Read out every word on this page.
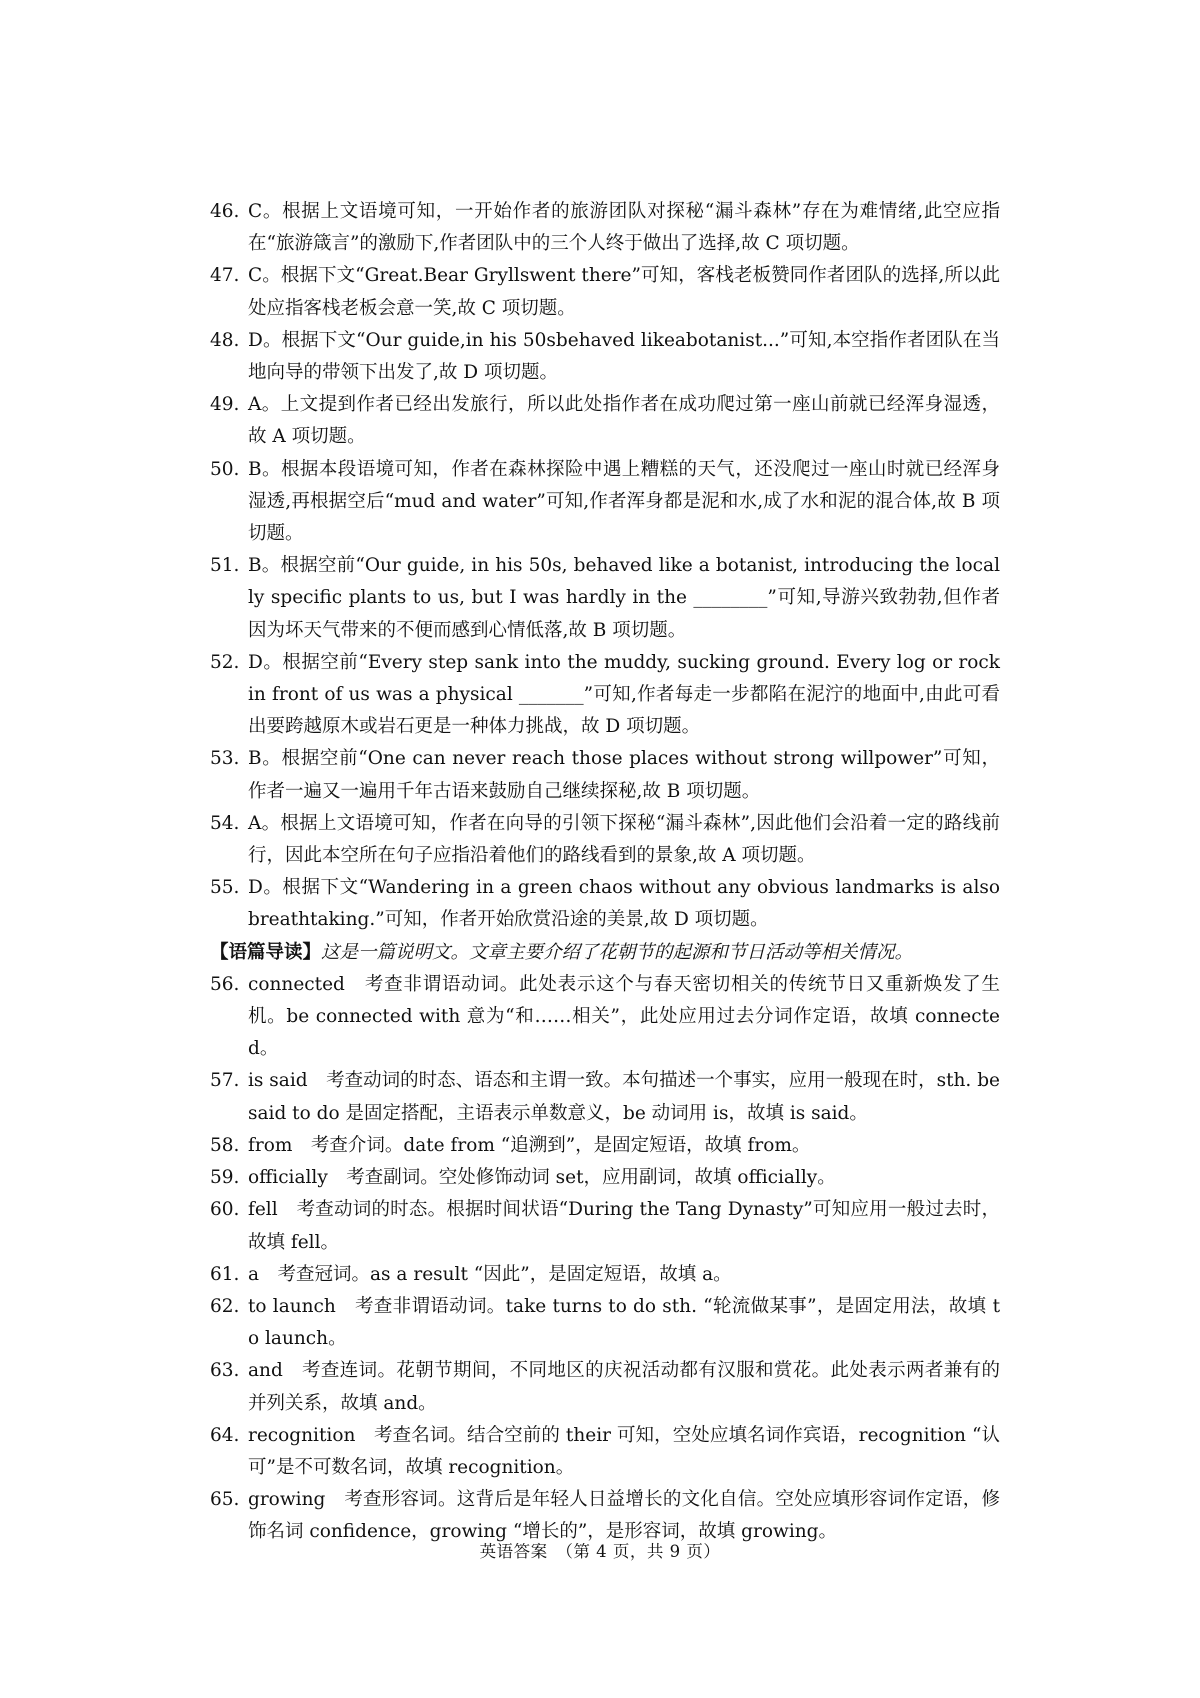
46. C。根据上文语境可知，一开始作者的旅游团队对探秘“漏斗森林”存在为难情绪,此空应指在“旅游箴言”的激励下,作者团队中的三个人终于做出了选择,故 C 项切题。
47. C。根据下文“Great.Bear Gryllswent there”可知，客栈老板赞同作者团队的选择,所以此处应指客栈老板会意一笑,故 C 项切题。
48. D。根据下文“Our guide,in his 50sbehaved likeabotanist...”可知,本空指作者团队在当地向导的带领下出发了,故 D 项切题。
49. A。上文提到作者已经出发旅行，所以此处指作者在成功爬过第一座山前就已经浑身湿透，故 A 项切题。
50. B。根据本段语境可知，作者在森林探险中遇上糟糕的天气，还没爬过一座山时就已经浑身湿透,再根据空后“mud and water”可知,作者浑身都是泥和水,成了水和泥的混合体,故 B 项切题。
51. B。根据空前“Our guide, in his 50s, behaved like a botanist, introducing the locally specific plants to us, but I was hardly in the ________”可知,导游兴致勃勃,但作者因为坏天气带来的不便而感到心情低落,故 B 项切题。
52. D。根据空前“Every step sank into the muddy, sucking ground. Every log or rock in front of us was a physical _______”可知,作者每走一步都陷在泥泞的地面中,由此可看出要跨越原木或岩石更是一种体力挑战，故 D 项切题。
53. B。根据空前“One can never reach those places without strong willpower”可知，作者一遍又一遍用千年古语来鼓励自己继续探秘,故 B 项切题。
54. A。根据上文语境可知，作者在向导的引领下探秘“漏斗森林”,因此他们会沿着一定的路线前行，因此本空所在句子应指沿着他们的路线看到的景象,故 A 项切题。
55. D。根据下文“Wandering in a green chaos without any obvious landmarks is also breathtaking.”可知，作者开始欣赏沿途的美景,故 D 项切题。
【语篇导读】这是一篇说明文。文章主要介绍了花朝节的起源和节日活动等相关情况。
56. connected　考查非谓语动词。此处表示这个与春天密切相关的传统节日又重新焕发了生机。be connected with 意为“和……相关”，此处应用过去分词作定语，故填 connected。
57. is said　考查动词的时态、语态和主谓一致。本句描述一个事实，应用一般现在时，sth. be said to do 是固定搭配，主语表示单数意义，be 动词用 is，故填 is said。
58. from　考查介词。date from “追溯到”，是固定短语，故填 from。
59. officially　考查副词。空处修饰动词 set，应用副词，故填 officially。
60. fell　考查动词的时态。根据时间状语“During the Tang Dynasty”可知应用一般过去时，故填 fell。
61. a　考查冠词。as a result “因此”，是固定短语，故填 a。
62. to launch　考查非谓语动词。take turns to do sth. “轮流做某事”，是固定用法，故填 to launch。
63. and　考查连词。花朝节期间，不同地区的庆祝活动都有汉服和赏花。此处表示两者兼有的并列关系，故填 and。
64. recognition　考查名词。结合空前的 their 可知，空处应填名词作宾语，recognition “认可”是不可数名词，故填 recognition。
65. growing　考查形容词。这背后是年轻人日益增长的文化自信。空处应填形容词作定语，修饰名词 confidence，growing “增长的”，是形容词，故填 growing。
英语答案　（第 4 页，共 9 页）
